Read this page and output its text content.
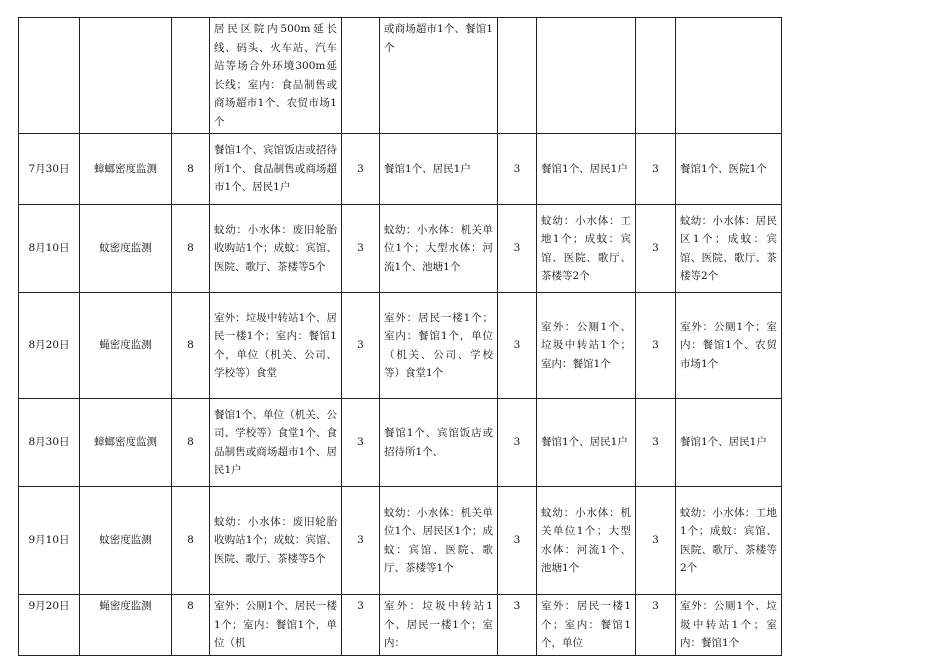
			居民区院内500m延长线、码头、火车站、汽车站等场合外环境300m延长线；室内：食品制售或商场超市1个、农贸市场1个		或商场超市1个、餐馆1个				
7月30日	蟑螂密度监测	8	餐馆1个、宾馆饭店或招待所1个、食品制售或商场超市1个、居民1户	3	餐馆1个、居民1户	3	餐馆1个、居民1户	3	餐馆1个、医院1个
8月10日	蚊密度监测	8	蚊幼：小水体：废旧轮胎收购站1个；成蚊：宾馆、医院、歌厅、茶楼等5个	3	蚊幼：小水体：机关单位1个；大型水体：河流1个、池塘1个	3	蚊幼：小水体：工地1个；成蚊：宾馆、医院、歌厅、茶楼等2个	3	蚊幼：小水体：居民区1个；成蚊：宾馆、医院、歌厅、茶楼等2个
8月20日	蝇密度监测	8	室外：垃圾中转站1个、居民一楼1个；室内：餐馆1个，单位（机关、公司、学校等）食堂	3	室外：居民一楼1个；室内：餐馆1个，单位（机关、公司、学校等）食堂1个	3	室外：公厕1个、垃圾中转站1个；室内：餐馆1个	3	室外：公厕1个；室内：餐馆1个、农贸市场1个
8月30日	蟑螂密度监测	8	餐馆1个、单位（机关、公司、学校等）食堂1个、食品制售或商场超市1个、居民1户	3	餐馆1个、宾馆饭店或招待所1个、	3	餐馆1个、居民1户	3	餐馆1个、居民1户
9月10日	蚊密度监测	8	蚊幼：小水体：废旧轮胎收购站1个；成蚊：宾馆、医院、歌厅、茶楼等5个	3	蚊幼：小水体：机关单位1个、居民区1个；成蚊：宾馆、医院、歌厅、茶楼等1个	3	蚊幼：小水体：机关单位1个；大型水体：河流1个、池塘1个	3	蚊幼：小水体：工地1个；成蚊：宾馆、医院、歌厅、茶楼等2个
9月20日	蝇密度监测	8	室外：公厕1个、居民一楼1个；室内：餐馆1个，单位（机	3	室外：垃圾中转站1个、居民一楼1个；室内：	3	室外：居民一楼1个；室内：餐馆1个，单位	3	室外：公厕1个、垃圾中转站1个；室内：餐馆1个
